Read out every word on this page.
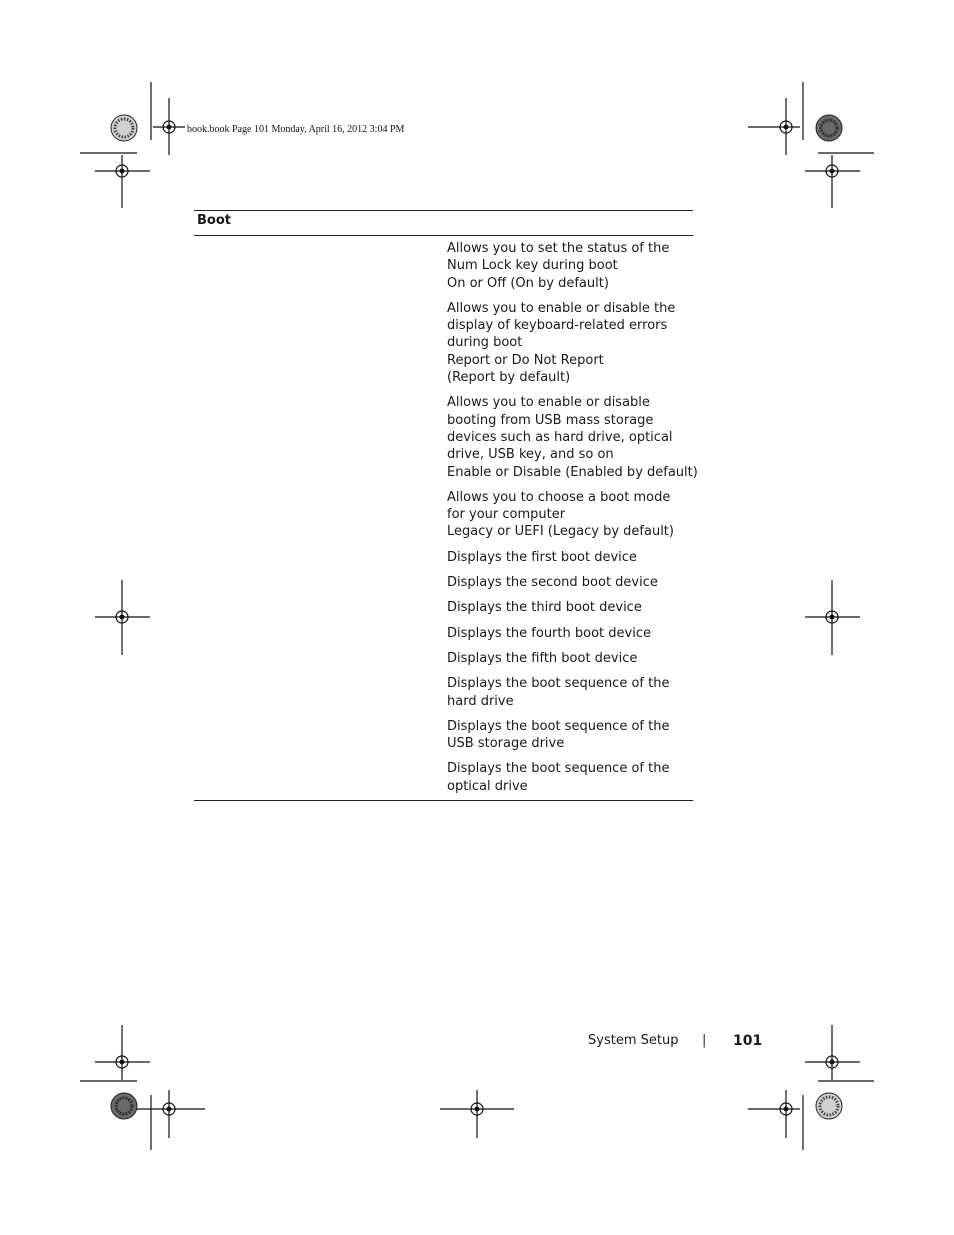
book.book Page 101 Monday, April 16, 2012 3:04 PM
Boot
Allows you to set the status of the
Num Lock key during boot
On or Off (On by default)
Allows you to enable or disable the
display of keyboard-related errors
during boot
Report or Do Not Report
(Report by default)
Allows you to enable or disable
booting from USB mass storage
devices such as hard drive, optical
drive, USB key, and so on
Enable or Disable (Enabled by default)
Allows you to choose a boot mode
for your computer
Legacy or UEFI (Legacy by default)
Displays the first boot device
Displays the second boot device
Displays the third boot device
Displays the fourth boot device
Displays the fifth boot device
Displays the boot sequence of the
hard drive
Displays the boot sequence of the
USB storage drive
Displays the boot sequence of the
optical drive
System Setup | 101
